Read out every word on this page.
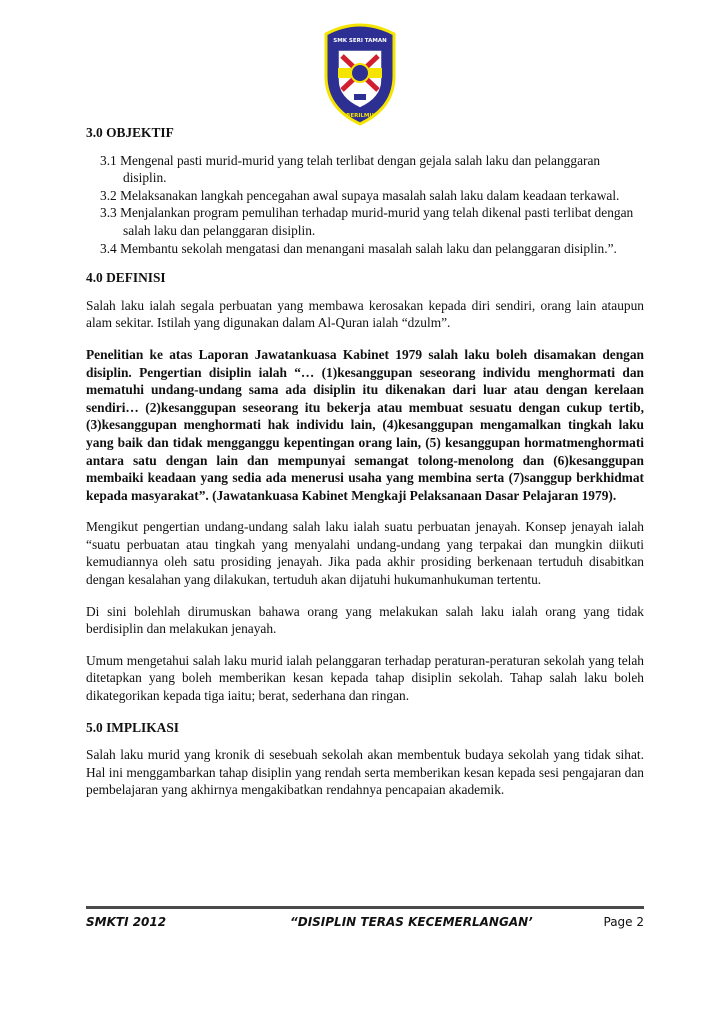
SMK SERI TAMAN
BERILMU
3.0 OBJEKTIF
3.1 Mengenal pasti murid-murid yang telah terlibat dengan gejala salah laku dan pelanggaran disiplin.
3.2 Melaksanakan langkah pencegahan awal supaya masalah salah laku dalam keadaan terkawal.
3.3 Menjalankan program pemulihan terhadap murid-murid yang telah dikenal pasti terlibat dengan salah laku dan pelanggaran disiplin.
3.4 Membantu sekolah mengatasi dan menangani masalah salah laku dan pelanggaran disiplin.”.
4.0 DEFINISI

Salah laku ialah segala perbuatan yang membawa kerosakan kepada diri sendiri, orang lain ataupun alam sekitar. Istilah yang digunakan dalam Al-Quran ialah “dzulm”.

Penelitian ke atas Laporan Jawatankuasa Kabinet 1979 salah laku boleh disamakan dengan disiplin. Pengertian disiplin ialah “… (1)kesanggupan seseorang individu menghormati dan mematuhi undang-undang sama ada disiplin itu dikenakan dari luar atau dengan kerelaan sendiri… (2)kesanggupan seseorang itu bekerja atau membuat sesuatu dengan cukup tertib, (3)kesanggupan menghormati hak individu lain, (4)kesanggupan mengamalkan tingkah laku yang baik dan tidak mengganggu kepentingan orang lain, (5) kesanggupan hormatmenghormati antara satu dengan lain dan mempunyai semangat tolong-menolong dan (6)kesanggupan membaiki keadaan yang sedia ada menerusi usaha yang membina serta (7)sanggup berkhidmat kepada masyarakat”. (Jawatankuasa Kabinet Mengkaji Pelaksanaan Dasar Pelajaran 1979).

Mengikut pengertian undang-undang salah laku ialah suatu perbuatan jenayah. Konsep jenayah ialah “suatu perbuatan atau tingkah yang menyalahi undang-undang yang terpakai dan mungkin diikuti kemudiannya oleh satu prosiding jenayah. Jika pada akhir prosiding berkenaan tertuduh disabitkan dengan kesalahan yang dilakukan, tertuduh akan dijatuhi hukumanhukuman tertentu.

Di sini bolehlah dirumuskan bahawa orang yang melakukan salah laku ialah orang yang tidak berdisiplin dan melakukan jenayah.

Umum mengetahui salah laku murid ialah pelanggaran terhadap peraturan-peraturan sekolah yang telah ditetapkan yang boleh memberikan kesan kepada tahap disiplin sekolah. Tahap salah laku boleh dikategorikan kepada tiga iaitu; berat, sederhana dan ringan.

5.0 IMPLIKASI

Salah laku murid yang kronik di sesebuah sekolah akan membentuk budaya sekolah yang tidak sihat. Hal ini menggambarkan tahap disiplin yang rendah serta memberikan kesan kepada sesi pengajaran dan pembelajaran yang akhirnya mengakibatkan rendahnya pencapaian akademik.

SMKTI 2012	“DISIPLIN TERAS KECEMERLANGAN’	Page 2
